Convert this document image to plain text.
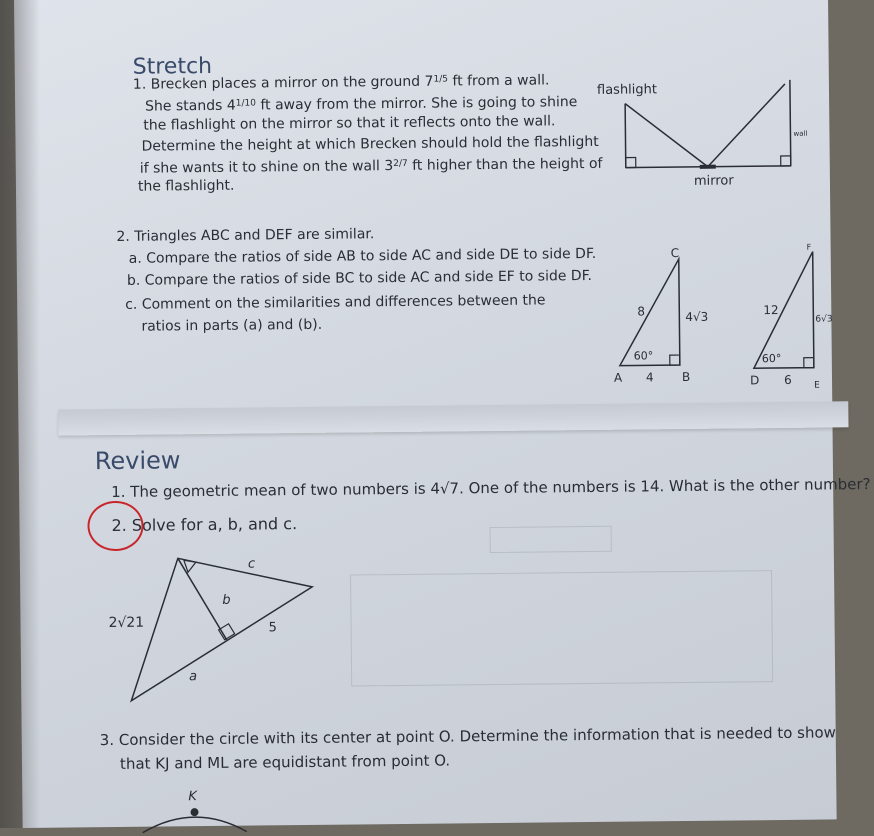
Stretch
1. Brecken places a mirror on the ground 71/5 ft from a wall.
She stands 41/10 ft away from the mirror. She is going to shine
the flashlight on the mirror so that it reflects onto the wall.
Determine the height at which Brecken should hold the flashlight
if she wants it to shine on the wall 32/7 ft higher than the height of
the flashlight.
flashlight
mirror
wall
2. Triangles ABC and DEF are similar.
a. Compare the ratios of side AB to side AC and side DE to side DF.
b. Compare the ratios of side BC to side AC and side EF to side DF.
c. Comment on the similarities and differences between the
ratios in parts (a) and (b).
C
A	B
4
8	4√3
60°
F
D	E
6
12
6√3
60°
Review
1. The geometric mean of two numbers is 4√7. One of the numbers is 14. What is the other number?
2. Solve for a, b, and c.
c
b
5
a
2√21
3. Consider the circle with its center at point O. Determine the information that is needed to show
that KJ and ML are equidistant from point O.
K
